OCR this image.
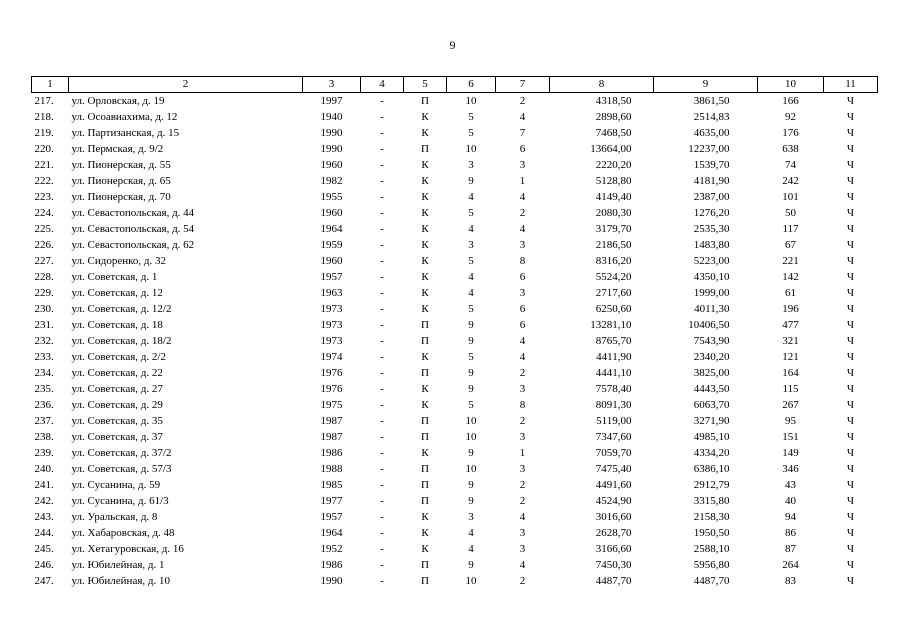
9
1	2	3	4	5	6	7	8	9	10	11
217.	ул. Орловская, д. 19	1997	-	П	10	2	4318,50	3861,50	166	Ч
218.	ул. Осоавиахима, д. 12	1940	-	К	5	4	2898,60	2514,83	92	Ч
219.	ул. Партизанская, д. 15	1990	-	К	5	7	7468,50	4635,00	176	Ч
220.	ул. Пермская, д. 9/2	1990	-	П	10	6	13664,00	12237,00	638	Ч
221.	ул. Пионерская, д. 55	1960	-	К	3	3	2220,20	1539,70	74	Ч
222.	ул. Пионерская, д. 65	1982	-	К	9	1	5128,80	4181,90	242	Ч
223.	ул. Пионерская, д. 70	1955	-	К	4	4	4149,40	2387,00	101	Ч
224.	ул. Севастопольская, д. 44	1960	-	К	5	2	2080,30	1276,20	50	Ч
225.	ул. Севастопольская, д. 54	1964	-	К	4	4	3179,70	2535,30	117	Ч
226.	ул. Севастопольская, д. 62	1959	-	К	3	3	2186,50	1483,80	67	Ч
227.	ул. Сидоренко, д. 32	1960	-	К	5	8	8316,20	5223,00	221	Ч
228.	ул. Советская, д. 1	1957	-	К	4	6	5524,20	4350,10	142	Ч
229.	ул. Советская, д. 12	1963	-	К	4	3	2717,60	1999,00	61	Ч
230.	ул. Советская, д. 12/2	1973	-	К	5	6	6250,60	4011,30	196	Ч
231.	ул. Советская, д. 18	1973	-	П	9	6	13281,10	10406,50	477	Ч
232.	ул. Советская, д. 18/2	1973	-	П	9	4	8765,70	7543,90	321	Ч
233.	ул. Советская, д. 2/2	1974	-	К	5	4	4411,90	2340,20	121	Ч
234.	ул. Советская, д. 22	1976	-	П	9	2	4441,10	3825,00	164	Ч
235.	ул. Советская, д. 27	1976	-	К	9	3	7578,40	4443,50	115	Ч
236.	ул. Советская, д. 29	1975	-	К	5	8	8091,30	6063,70	267	Ч
237.	ул. Советская, д. 35	1987	-	П	10	2	5119,00	3271,90	95	Ч
238.	ул. Советская, д. 37	1987	-	П	10	3	7347,60	4985,10	151	Ч
239.	ул. Советская, д. 37/2	1986	-	К	9	1	7059,70	4334,20	149	Ч
240.	ул. Советская, д. 57/3	1988	-	П	10	3	7475,40	6386,10	346	Ч
241.	ул. Сусанина, д. 59	1985	-	П	9	2	4491,60	2912,79	43	Ч
242.	ул. Сусанина, д. 61/3	1977	-	П	9	2	4524,90	3315,80	40	Ч
243.	ул. Уральская, д. 8	1957	-	К	3	4	3016,60	2158,30	94	Ч
244.	ул. Хабаровская, д. 48	1964	-	К	4	3	2628,70	1950,50	86	Ч
245.	ул. Хетагуровская, д. 16	1952	-	К	4	3	3166,60	2588,10	87	Ч
246.	ул. Юбилейная, д. 1	1986	-	П	9	4	7450,30	5956,80	264	Ч
247.	ул. Юбилейная, д. 10	1990	-	П	10	2	4487,70	4487,70	83	Ч
